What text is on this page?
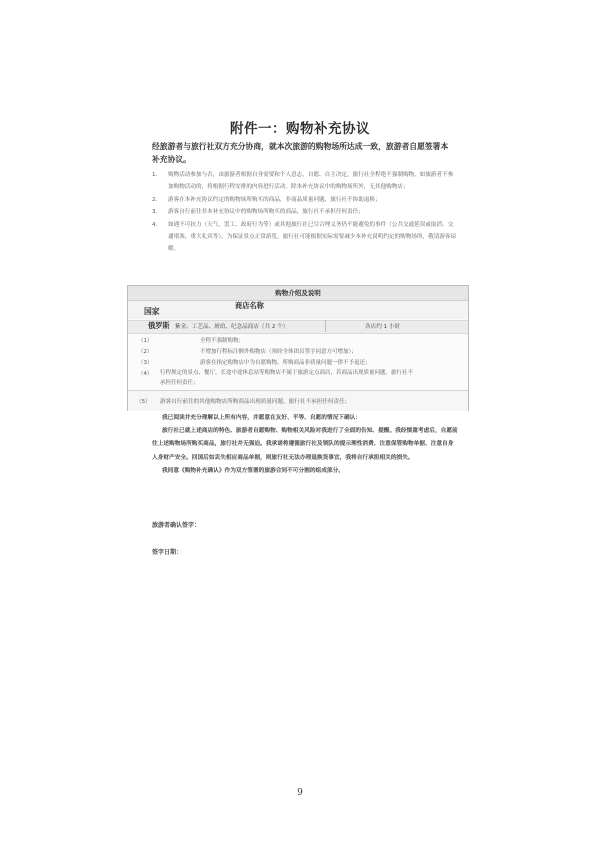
附件一：购物补充协议
经旅游者与旅行社双方充分协商，就本次旅游的购物场所达成一致，旅游者自愿签署本补充协议。
1.	购物活动参加与否，由旅游者根据自身需要和个人意志，自愿、自主决定，旅行社全程绝不强制购物。如旅游者不参加购物活动的，将根据行程安排的内容进行活动。除本补充协议中的购物场所外，无其他购物店；
2.	游客在本补充协议约定的购物场所购买的商品，非商品质量问题，旅行社不协助退换；
3.	游客自行前往非本补充协议中的购物场所购买的商品，旅行社不承担任何责任；
4.	如遇不可抗力（天气、罢工、政府行为等）或其他旅行社已尽合理义务仍不能避免的事件（公共交通延误或取消、交通堵塞、重大礼宾等），为保证景点正常游览，旅行社可能根据实际需要减少本补充说明约定的购物场所，敬请游客谅解。
购物介绍及说明
国家
商店名称
俄罗斯 紫金、工艺品、琥珀、纪念品商店（共 2 个）	各店约 1 小时
（1）	全程不强制购物；
（2）	不增加行程标注额外购物店（须经全体团员签字同意方可增加）；
（3）	游客在指定购物店中为自愿购物，所购商品非质量问题一律不予退还；
（4） 行程规定的景点、餐厅，长途中途休息站等购物店不属于旅游定点商店，若商品出现质量问题，旅行社不承担任何责任；
（5） 游客自行前往的其他购物店所购商品出现质量问题，旅行社不承担任何责任；
我已阅读并充分理解以上所有内容，并愿意在友好、平等、自愿的情况下确认：
旅行社已就上述商店的特色、旅游者自愿购物、购物相关风险对我进行了全面的告知、提醒。我经慎重考虑后，自愿前往上述购物场所购买商品，旅行社并无强迫。我承诺将遵循旅行社及领队的提示理性消费、注意保管购物单据、注意自身人身财产安全。回国后如丢失相应商品单据，则旅行社无法办理退换货事宜，我将自行承担相关的损失。
我同意《购物补充确认》作为双方签署的旅游合同不可分割的组成部分。
旅游者确认签字：
签字日期：
9
